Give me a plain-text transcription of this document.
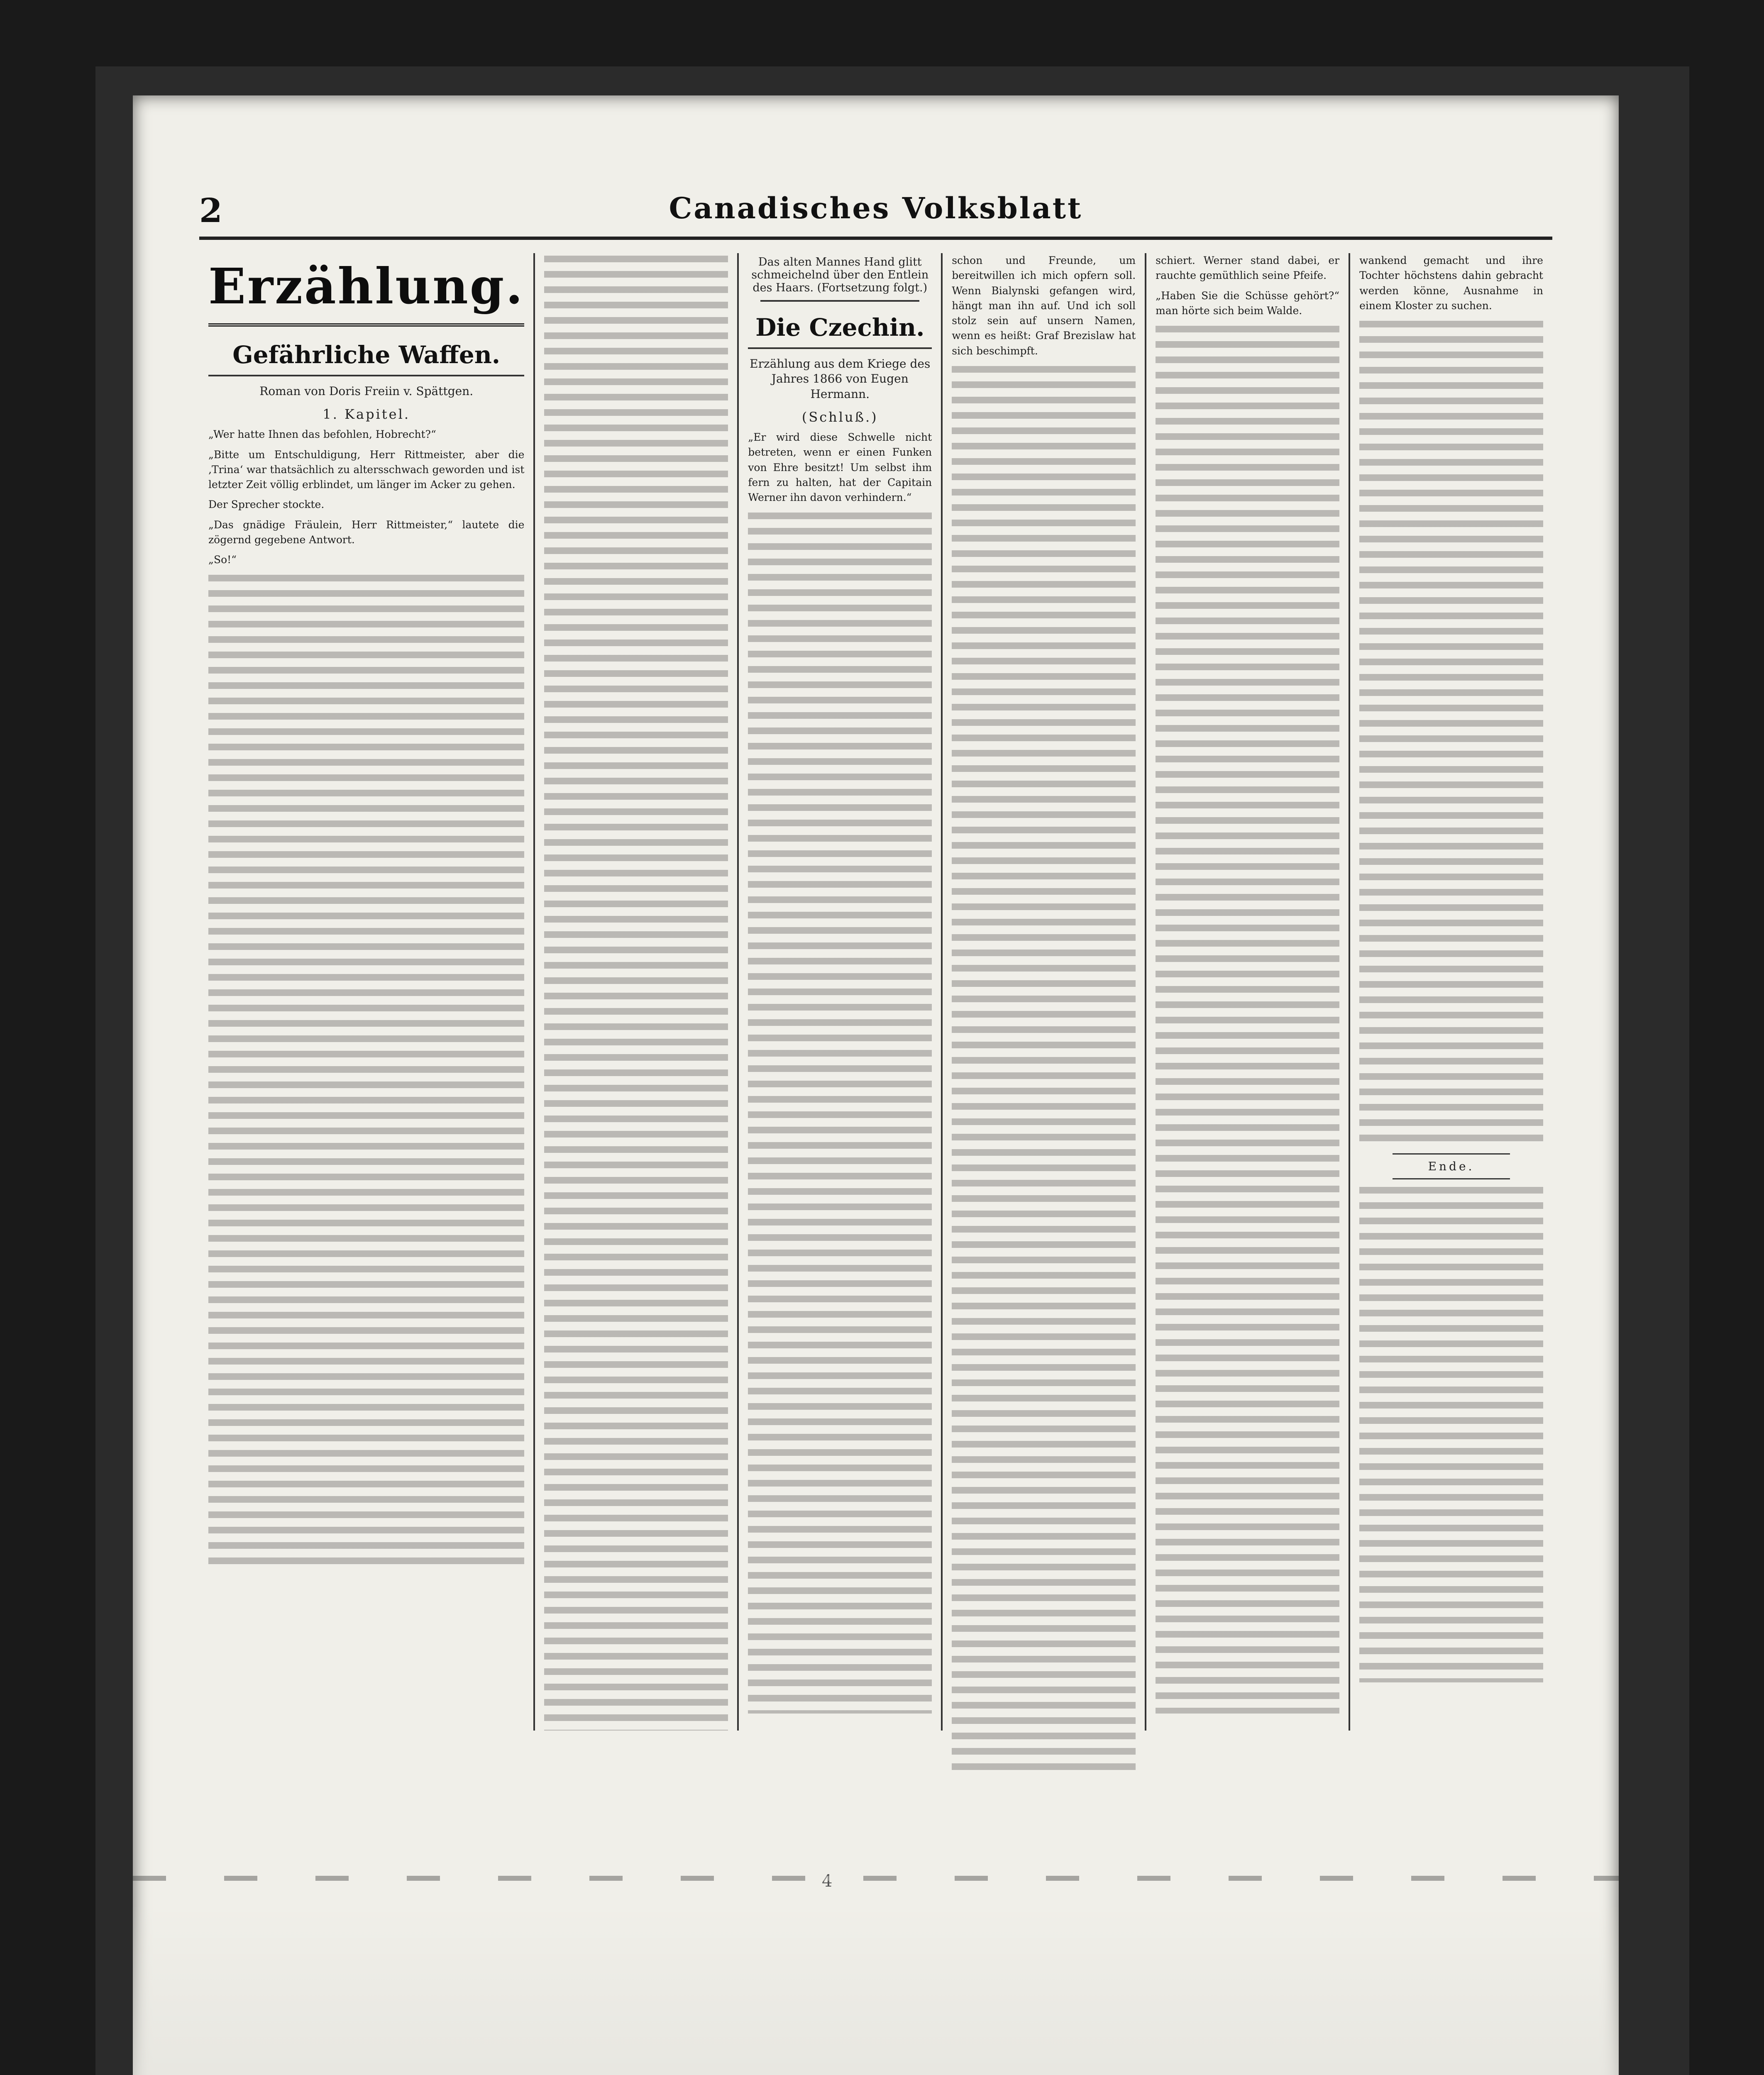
2	Canadisches Volksblatt
Erzählung.
Gefährliche Waffen.
Roman von Doris Freiin v. Spättgen.
1. Kapitel.

„Wer hatte Ihnen das befohlen, Hobrecht?“

„Bitte um Entschuldigung, Herr Rittmeister, aber die ‚Trina‘ war thatsächlich zu altersschwach geworden und ist letzter Zeit völlig erblindet, um länger im Acker zu gehen.

Der Sprecher stockte.

„Das gnädige Fräulein, Herr Rittmeister,“ lautete die zögernd gegebene Antwort.

„So!“

Das alten Mannes Hand glitt schmeichelnd über den Entlein des Haars. (Fortsetzung folgt.)

Die Czechin.
Erzählung aus dem Kriege des Jahres 1866 von Eugen Hermann.
(Schluß.)

„Er wird diese Schwelle nicht betreten, wenn er einen Funken von Ehre besitzt! Um selbst ihm fern zu halten, hat der Capitain Werner ihn davon verhindern.“

schon und Freunde, um bereitwillen ich mich opfern soll. Wenn Bialynski gefangen wird, hängt man ihn auf. Und ich soll stolz sein auf unsern Namen, wenn es heißt: Graf Brezislaw hat sich beschimpft.

schiert. Werner stand dabei, er rauchte gemüthlich seine Pfeife.

„Haben Sie die Schüsse gehört?“ man hörte sich beim Walde.

wankend gemacht und ihre Tochter höchstens dahin gebracht werden könne, Ausnahme in einem Kloster zu suchen.

Ende.
4
